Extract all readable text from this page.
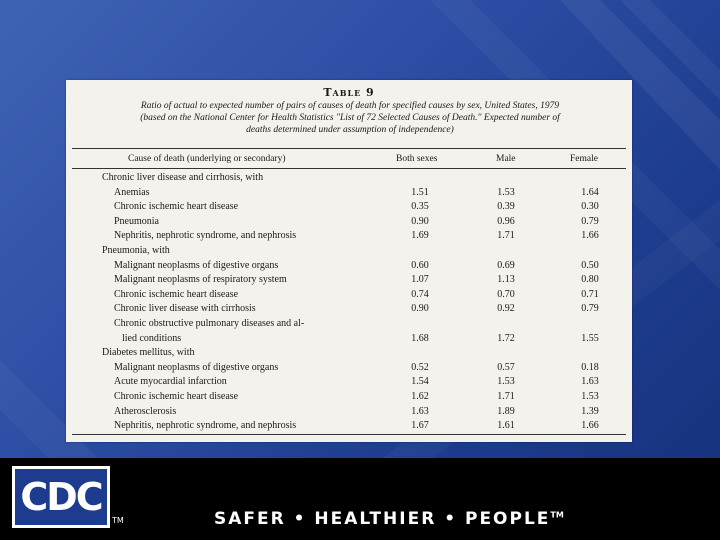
Table 9
Ratio of actual to expected number of pairs of causes of death for specified causes by sex, United States, 1979
(based on the National Center for Health Statistics "List of 72 Selected Causes of Death." Expected number of
deaths determined under assumption of independence)
Cause of death (underlying or secondary)	Both sexes	Male	Female
Chronic liver disease and cirrhosis, with
Anemias	1.51	1.53	1.64
Chronic ischemic heart disease	0.35	0.39	0.30
Pneumonia	0.90	0.96	0.79
Nephritis, nephrotic syndrome, and nephrosis	1.69	1.71	1.66
Pneumonia, with
Malignant neoplasms of digestive organs	0.60	0.69	0.50
Malignant neoplasms of respiratory system	1.07	1.13	0.80
Chronic ischemic heart disease	0.74	0.70	0.71
Chronic liver disease with cirrhosis	0.90	0.92	0.79
Chronic obstructive pulmonary diseases and al-
lied conditions	1.68	1.72	1.55
Diabetes mellitus, with
Malignant neoplasms of digestive organs	0.52	0.57	0.18
Acute myocardial infarction	1.54	1.53	1.63
Chronic ischemic heart disease	1.62	1.71	1.53
Atherosclerosis	1.63	1.89	1.39
Nephritis, nephrotic syndrome, and nephrosis	1.67	1.61	1.66
CDC
TM	SAFER • HEALTHIER • PEOPLE™
